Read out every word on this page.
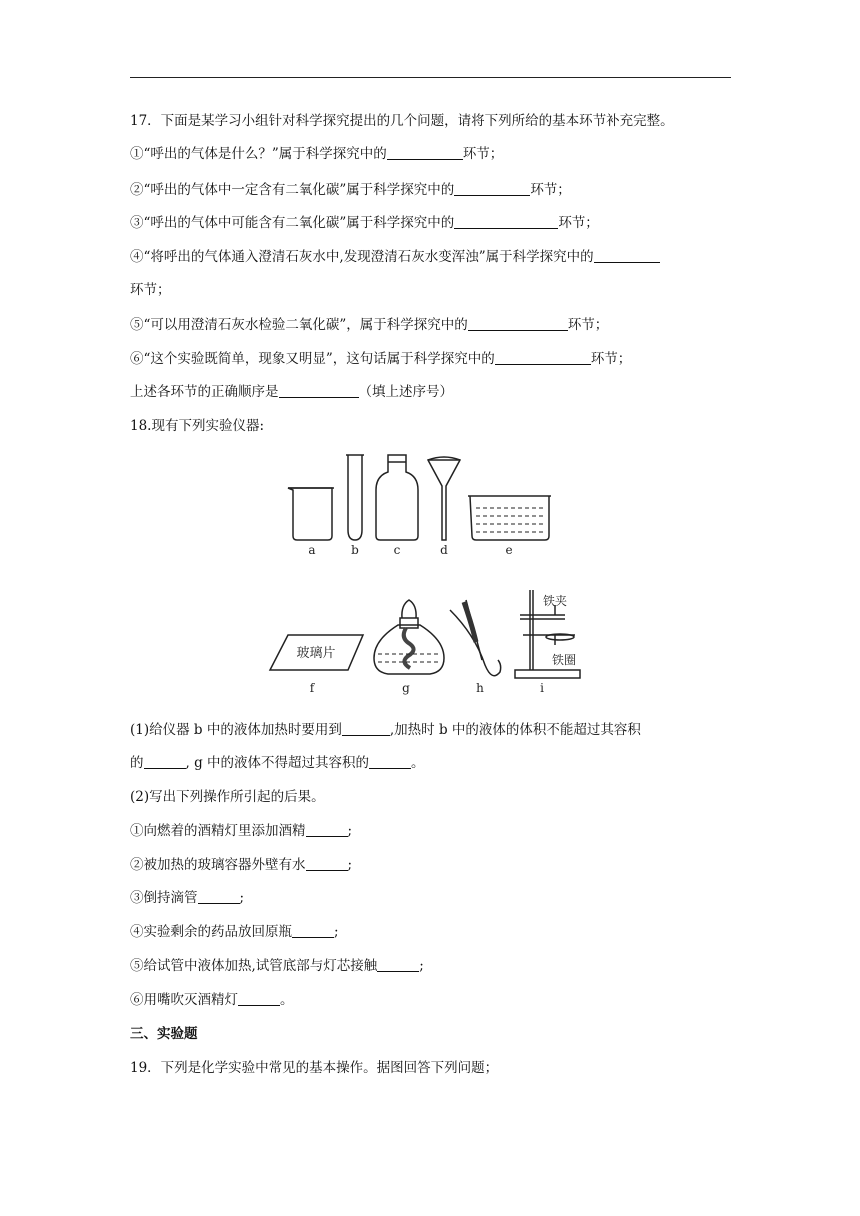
17．下面是某学习小组针对科学探究提出的几个问题，请将下列所给的基本环节补充完整。
①“呼出的气体是什么？”属于科学探究中的	环节；
②“呼出的气体中一定含有二氧化碳”属于科学探究中的	环节；
③“呼出的气体中可能含有二氧化碳”属于科学探究中的	环节；
④“将呼出的气体通入澄清石灰水中,发现澄清石灰水变浑浊”属于科学探究中的
环节；
⑤“可以用澄清石灰水检验二氧化碳”，属于科学探究中的	环节；
⑥“这个实验既简单，现象又明显”，这句话属于科学探究中的	环节；
上述各环节的正确顺序是	（填上述序号）
18.现有下列实验仪器:
a	b	c	d	e
f	g	h	i
玻璃片
铁夹
铁圈
(1)给仪器 b 中的液体加热时要用到	,加热时 b 中的液体的体积不能超过其容积
的	, g 中的液体不得超过其容积的	。
(2)写出下列操作所引起的后果。
①向燃着的酒精灯里添加酒精	;
②被加热的玻璃容器外壁有水	;
③倒持滴管	;
④实验剩余的药品放回原瓶	;
⑤给试管中液体加热,试管底部与灯芯接触	;
⑥用嘴吹灭酒精灯	。
三、实验题
19．下列是化学实验中常见的基本操作。据图回答下列问题；
